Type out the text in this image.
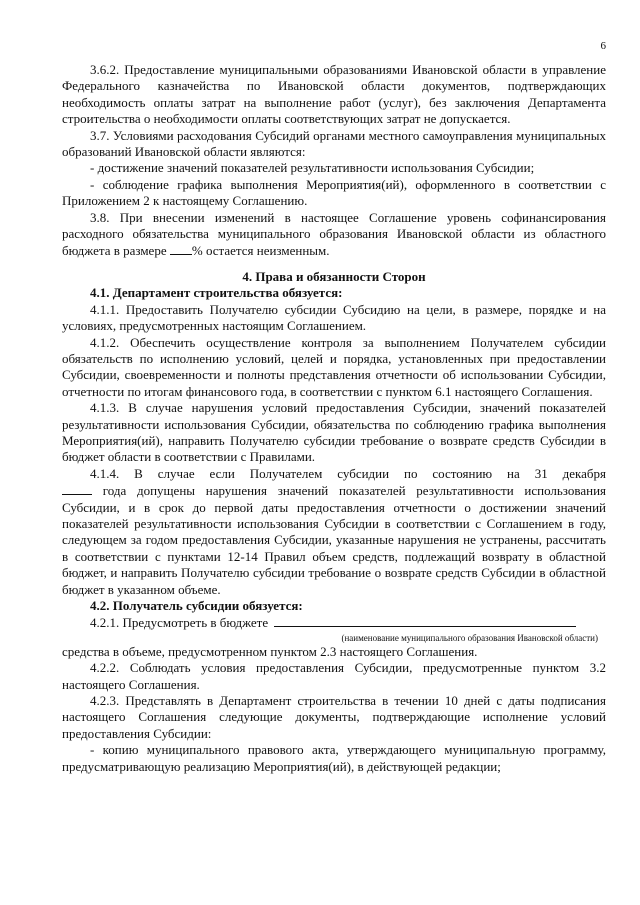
6

3.6.2. Предоставление муниципальными образованиями Ивановской области в управление Федерального казначейства по Ивановской области документов, подтверждающих необходимость оплаты затрат на выполнение работ (услуг), без заключения Департамента строительства о необходимости оплаты соответствующих затрат не допускается.

3.7. Условиями расходования Субсидий органами местного самоуправления муниципальных образований Ивановской области являются:

- достижение значений показателей результативности использования Субсидии;

- соблюдение графика выполнения Мероприятия(ий), оформленного в соответствии с Приложением 2 к настоящему Соглашению.

3.8. При внесении изменений в настоящее Соглашение уровень софинансирования расходного обязательства муниципального образования Ивановской области из областного бюджета в размере % остается неизменным.

4. Права и обязанности Сторон

4.1. Департамент строительства обязуется:

4.1.1. Предоставить Получателю субсидии Субсидию на цели, в размере, порядке и на условиях, предусмотренных настоящим Соглашением.

4.1.2. Обеспечить осуществление контроля за выполнением Получателем субсидии обязательств по исполнению условий, целей и порядка, установленных при предоставлении Субсидии, своевременности и полноты представления отчетности об использовании Субсидии, отчетности по итогам финансового года, в соответствии с пунктом 6.1 настоящего Соглашения.

4.1.3. В случае нарушения условий предоставления Субсидии, значений показателей результативности использования Субсидии, обязательства по соблюдению графика выполнения Мероприятия(ий), направить Получателю субсидии требование о возврате средств Субсидии в бюджет области в соответствии с Правилами.

4.1.4. В случае если Получателем субсидии по состоянию на 31 декабря

года допущены нарушения значений показателей результативности использования Субсидии, и в срок до первой даты предоставления отчетности о достижении значений показателей результативности использования Субсидии в соответствии с Соглашением в году, следующем за годом предоставления Субсидии, указанные нарушения не устранены, рассчитать в соответствии с пунктами 12-14 Правил объем средств, подлежащий возврату в областной бюджет, и направить Получателю субсидии требование о возврате средств Субсидии в областной бюджет в указанном объеме.

4.2. Получатель субсидии обязуется:

4.2.1. Предусмотреть в бюджете

(наименование муниципального образования Ивановской области)

средства в объеме, предусмотренном пунктом 2.3 настоящего Соглашения.

4.2.2. Соблюдать условия предоставления Субсидии, предусмотренные пунктом 3.2 настоящего Соглашения.

4.2.3. Представлять в Департамент строительства в течении 10 дней с даты подписания настоящего Соглашения следующие документы, подтверждающие исполнение условий предоставления Субсидии:

- копию муниципального правового акта, утверждающего муниципальную программу, предусматривающую реализацию Мероприятия(ий), в действующей редакции;
